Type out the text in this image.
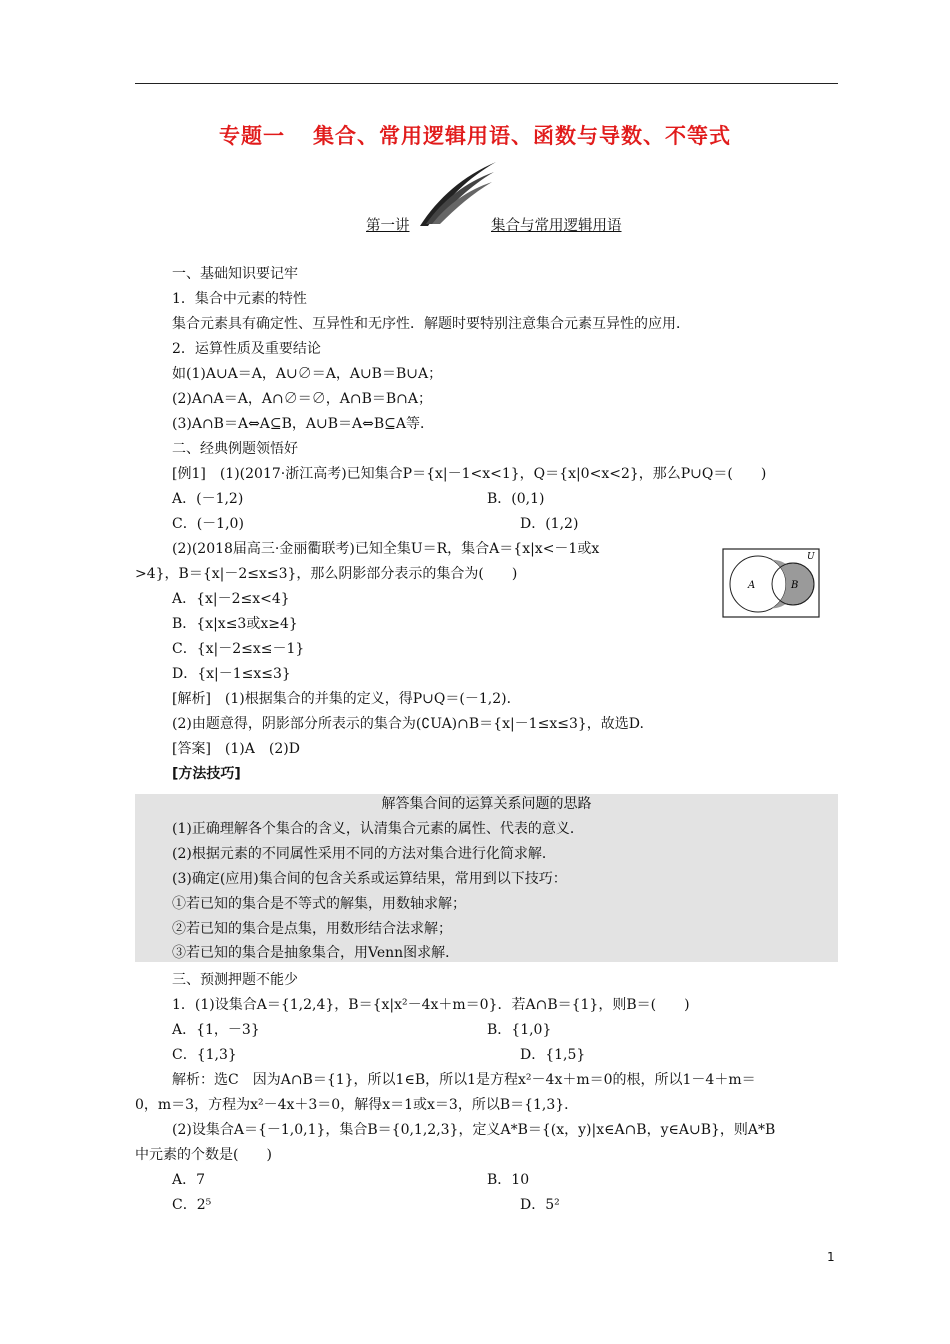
专题一 集合、常用逻辑用语、函数与导数、不等式
第一讲	集合与常用逻辑用语
一、基础知识要记牢
1．集合中元素的特性
集合元素具有确定性、互异性和无序性．解题时要特别注意集合元素互异性的应用．
2．运算性质及重要结论
如(1)A∪A＝A，A∪∅＝A，A∪B＝B∪A；
(2)A∩A＝A，A∩∅＝∅，A∩B＝B∩A；
(3)A∩B＝A⇔A⊆B，A∪B＝A⇔B⊆A等．
二、经典例题领悟好
[例1]　(1)(2017·浙江高考)已知集合P＝{x|－1<x<1}，Q＝{x|0<x<2}，那么P∪Q＝(　　)
A．(－1,2)	B．(0,1)
C．(－1,0)	D．(1,2)
(2)(2018届高三·金丽衢联考)已知全集U＝R，集合A＝{x|x<－1或x
>4}，B＝{x|－2≤x≤3}，那么阴影部分表示的集合为(　　)
A．{x|－2≤x<4}
B．{x|x≤3或x≥4}
C．{x|－2≤x≤－1}
D．{x|－1≤x≤3}
[解析]　(1)根据集合的并集的定义，得P∪Q＝(－1,2)．
(2)由题意得，阴影部分所表示的集合为(∁UA)∩B＝{x|－1≤x≤3}，故选D.
[答案]　(1)A　(2)D
[方法技巧]
U
A	B
解答集合间的运算关系问题的思路
(1)正确理解各个集合的含义，认清集合元素的属性、代表的意义．
(2)根据元素的不同属性采用不同的方法对集合进行化简求解．
(3)确定(应用)集合间的包含关系或运算结果，常用到以下技巧：
①若已知的集合是不等式的解集，用数轴求解；
②若已知的集合是点集，用数形结合法求解；
③若已知的集合是抽象集合，用Venn图求解．
三、预测押题不能少
1．(1)设集合A＝{1,2,4}，B＝{x|x²－4x＋m＝0}．若A∩B＝{1}，则B＝(　　)
A．{1，－3}	B．{1,0}
C．{1,3}	D．{1,5}
解析：选C　因为A∩B＝{1}，所以1∈B，所以1是方程x²－4x＋m＝0的根，所以1－4＋m＝
0，m＝3，方程为x²－4x＋3＝0，解得x＝1或x＝3，所以B＝{1,3}．
(2)设集合A＝{－1,0,1}，集合B＝{0,1,2,3}，定义A*B＝{(x，y)|x∈A∩B，y∈A∪B}，则A*B
中元素的个数是(　　)
A．7	B．10
C．2⁵	D．5²
1
